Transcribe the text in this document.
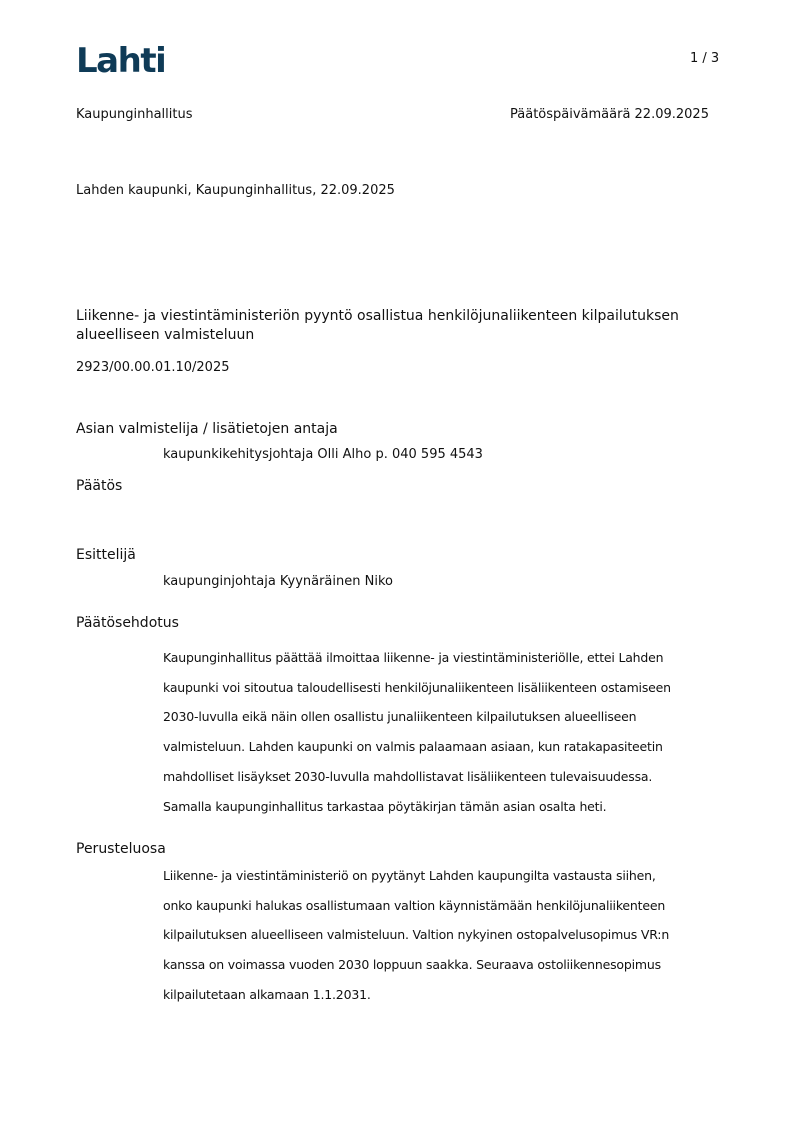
Lahti	1 / 3
Kaupunginhallitus	Päätöspäivämäärä 22.09.2025
Lahden kaupunki, Kaupunginhallitus, 22.09.2025
Liikenne- ja viestintäministeriön pyyntö osallistua henkilöjunaliikenteen kilpailutuksen
alueelliseen valmisteluun
2923/00.00.01.10/2025
Asian valmistelija / lisätietojen antaja
kaupunkikehitysjohtaja Olli Alho p. 040 595 4543
Päätös
Esittelijä
kaupunginjohtaja Kyynäräinen Niko
Päätösehdotus
Kaupunginhallitus päättää ilmoittaa liikenne- ja viestintäministeriölle, ettei Lahden
kaupunki voi sitoutua taloudellisesti henkilöjunaliikenteen lisäliikenteen ostamiseen
2030-luvulla eikä näin ollen osallistu junaliikenteen kilpailutuksen alueelliseen
valmisteluun. Lahden kaupunki on valmis palaamaan asiaan, kun ratakapasiteetin
mahdolliset lisäykset 2030-luvulla mahdollistavat lisäliikenteen tulevaisuudessa.
Samalla kaupunginhallitus tarkastaa pöytäkirjan tämän asian osalta heti.
Perusteluosa
Liikenne- ja viestintäministeriö on pyytänyt Lahden kaupungilta vastausta siihen,
onko kaupunki halukas osallistumaan valtion käynnistämään henkilöjunaliikenteen
kilpailutuksen alueelliseen valmisteluun. Valtion nykyinen ostopalvelusopimus VR:n
kanssa on voimassa vuoden 2030 loppuun saakka. Seuraava ostoliikennesopimus
kilpailutetaan alkamaan 1.1.2031.
